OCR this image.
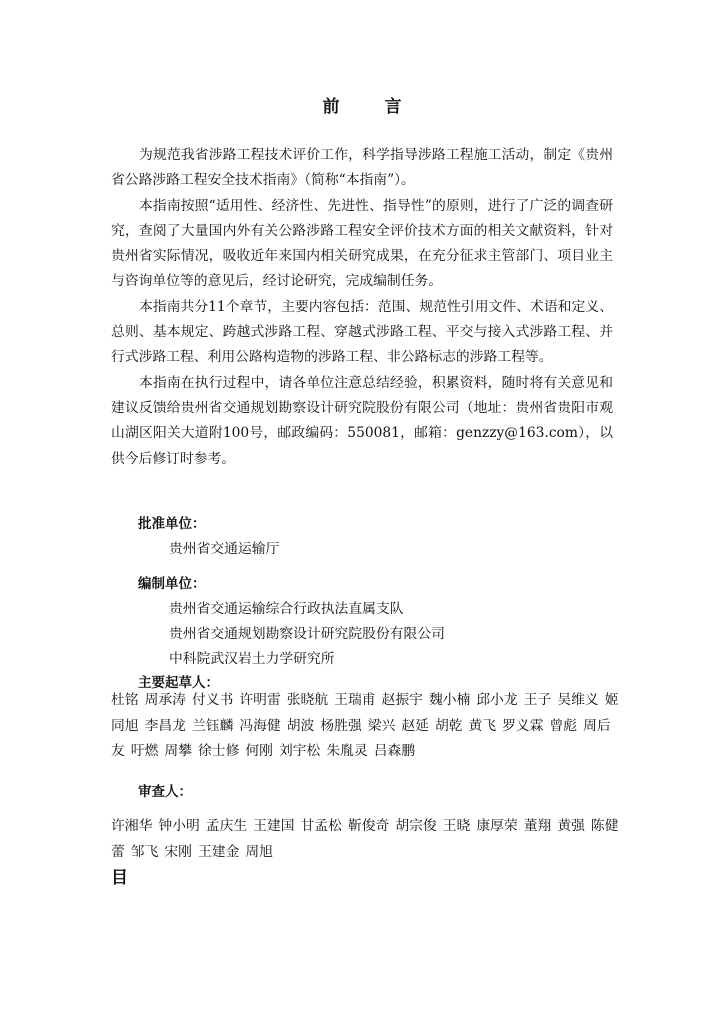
前　言

为规范我省涉路工程技术评价工作，科学指导涉路工程施工活动，制定《贵州省公路涉路工程安全技术指南》（简称“本指南”）。

本指南按照“适用性、经济性、先进性、指导性”的原则，进行了广泛的调查研究，查阅了大量国内外有关公路涉路工程安全评价技术方面的相关文献资料，针对贵州省实际情况，吸收近年来国内相关研究成果，在充分征求主管部门、项目业主与咨询单位等的意见后，经讨论研究，完成编制任务。

本指南共分11个章节，主要内容包括：范围、规范性引用文件、术语和定义、总则、基本规定、跨越式涉路工程、穿越式涉路工程、平交与接入式涉路工程、并行式涉路工程、利用公路构造物的涉路工程、非公路标志的涉路工程等。

本指南在执行过程中，请各单位注意总结经验，积累资料，随时将有关意见和建议反馈给贵州省交通规划勘察设计研究院股份有限公司（地址：贵州省贵阳市观山湖区阳关大道附100号，邮政编码：550081，邮箱：genzzy@163.com），以供今后修订时参考。

批准单位：
贵州省交通运输厅
编制单位：
贵州省交通运输综合行政执法直属支队
贵州省交通规划勘察设计研究院股份有限公司
中科院武汉岩土力学研究所
主要起草人：
杜铭 周承涛 付义书 许明雷 张晓航 王瑞甫 赵振宇 魏小楠 邱小龙 王子 吴维义 姬同旭 李昌龙 兰钰麟 冯海健 胡波 杨胜强 梁兴 赵延 胡乾 黄飞 罗义霖 曾彪 周后友 吁燃 周攀 徐士修 何刚 刘宇松 朱胤灵 吕森鹏
审查人：
许湘华 钟小明 孟庆生 王建国 甘孟松 靳俊奇 胡宗俊 王晓 康厚荣 董翔 黄强 陈健蕾 邹飞 宋刚 王建金 周旭
目
